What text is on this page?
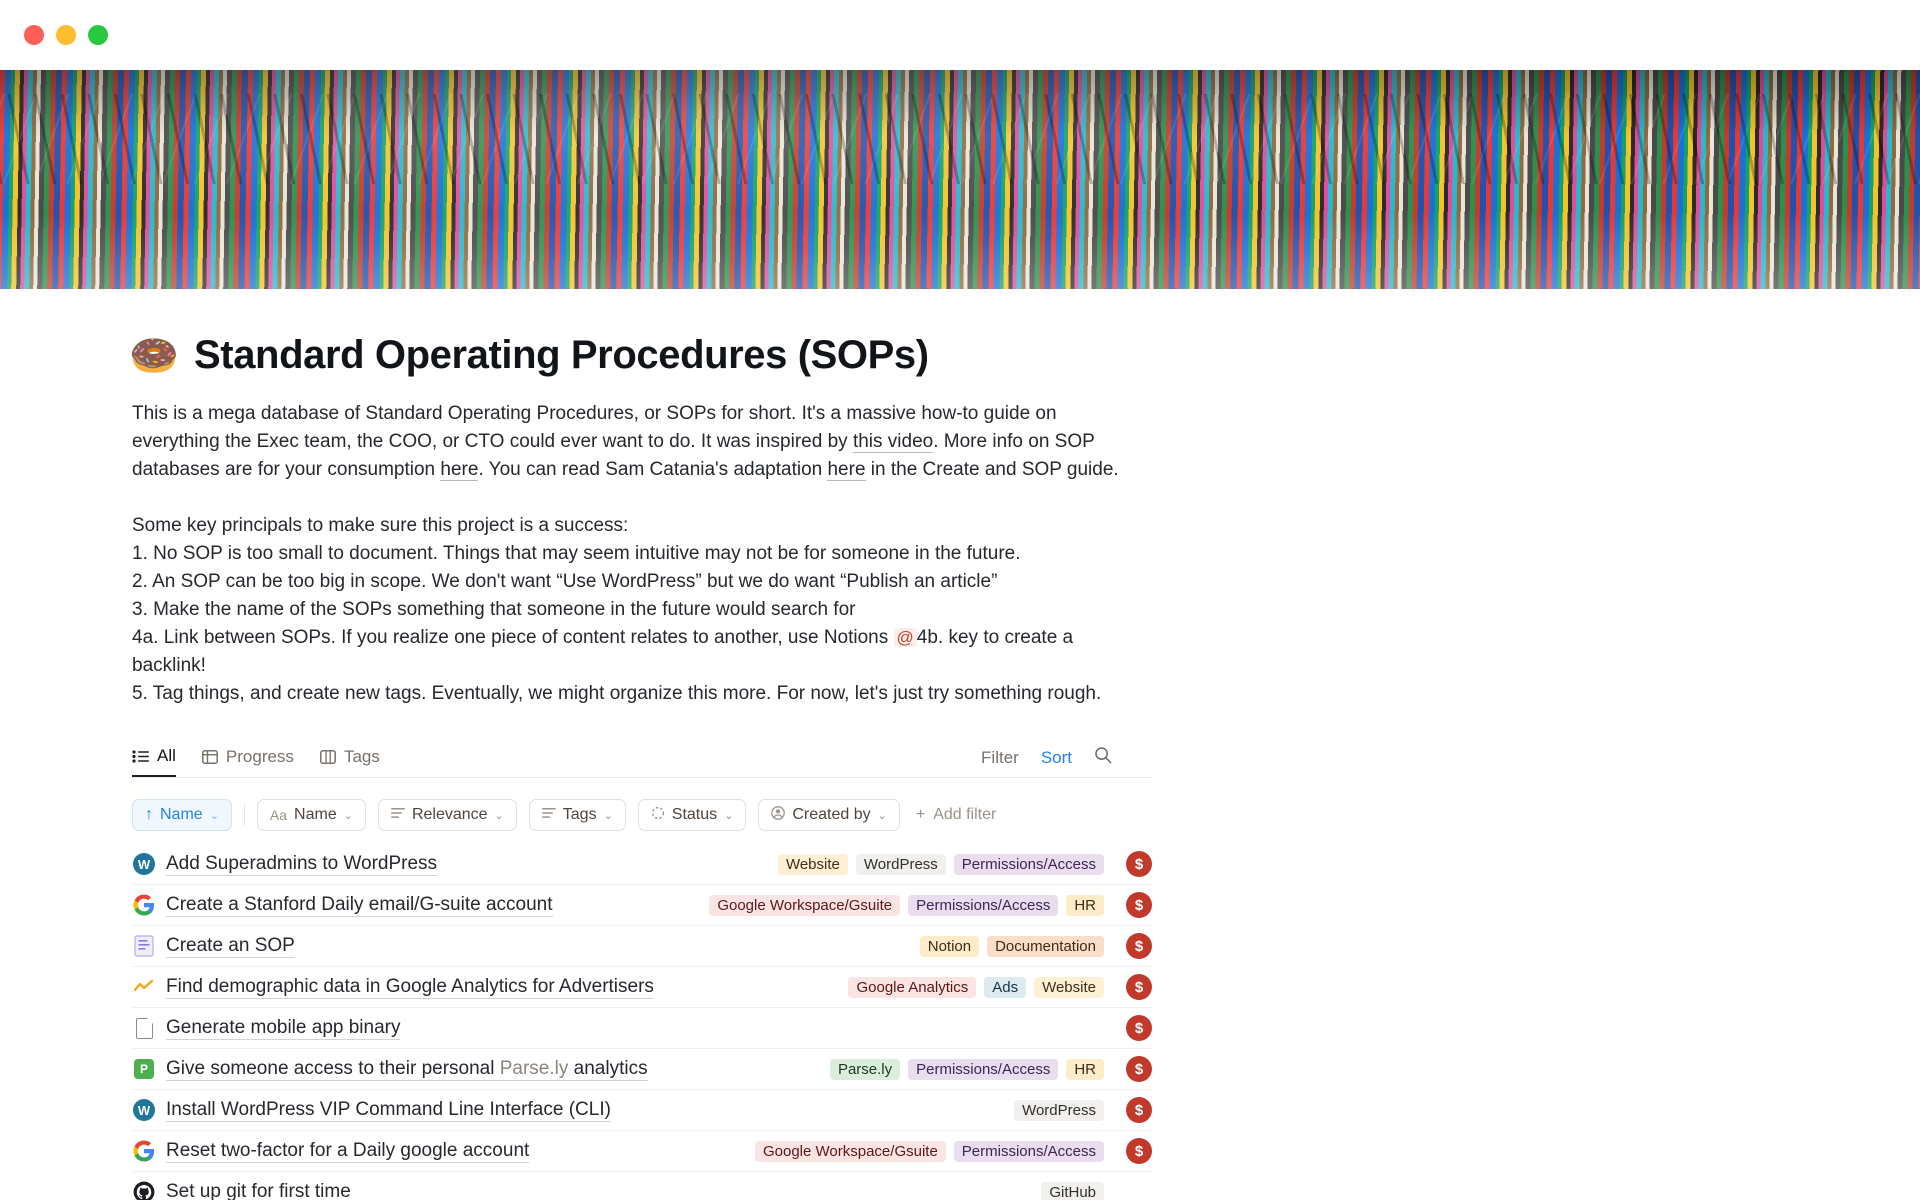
🍩 Standard Operating Procedures (SOPs)
This is a mega database of Standard Operating Procedures, or SOPs for short. It's a massive how-to guide on everything the Exec team, the COO, or CTO could ever want to do. It was inspired by this video. More info on SOP databases are for your consumption here. You can read Sam Catania's adaptation here in the Create and SOP guide.
Some key principals to make sure this project is a success:
1. No SOP is too small to document. Things that may seem intuitive may not be for someone in the future.
2. An SOP can be too big in scope. We don't want “Use WordPress” but we do want “Publish an article”
3. Make the name of the SOPs something that someone in the future would search for
4a. Link between SOPs. If you realize one piece of content relates to another, use Notions @ 4b. key to create a backlink!
5. Tag things, and create new tags. Eventually, we might organize this more. For now, let's just try something rough.
All	Progress	Tags	Filter Sort
↑ Name ⌄	Aa Name ⌄	Relevance ⌄	Tags ⌄	Status ⌄	Created by ⌄ + Add filter
W Add Superadmins to WordPress	Website	WordPress	Permissions/Access	$
Create a Stanford Daily email/G-suite account	Google Workspace/Gsuite	Permissions/Access	HR	$
Create an SOP	Notion	Documentation	$
Find demographic data in Google Analytics for Advertisers	Google Analytics	Ads	Website	$
Generate mobile app binary	$
P Give someone access to their personal Parse.ly analytics	Parse.ly	Permissions/Access	HR	$
W Install WordPress VIP Command Line Interface (CLI)	WordPress	$
Reset two-factor for a Daily google account	Google Workspace/Gsuite	Permissions/Access	$
Set up git for first time	GitHub
